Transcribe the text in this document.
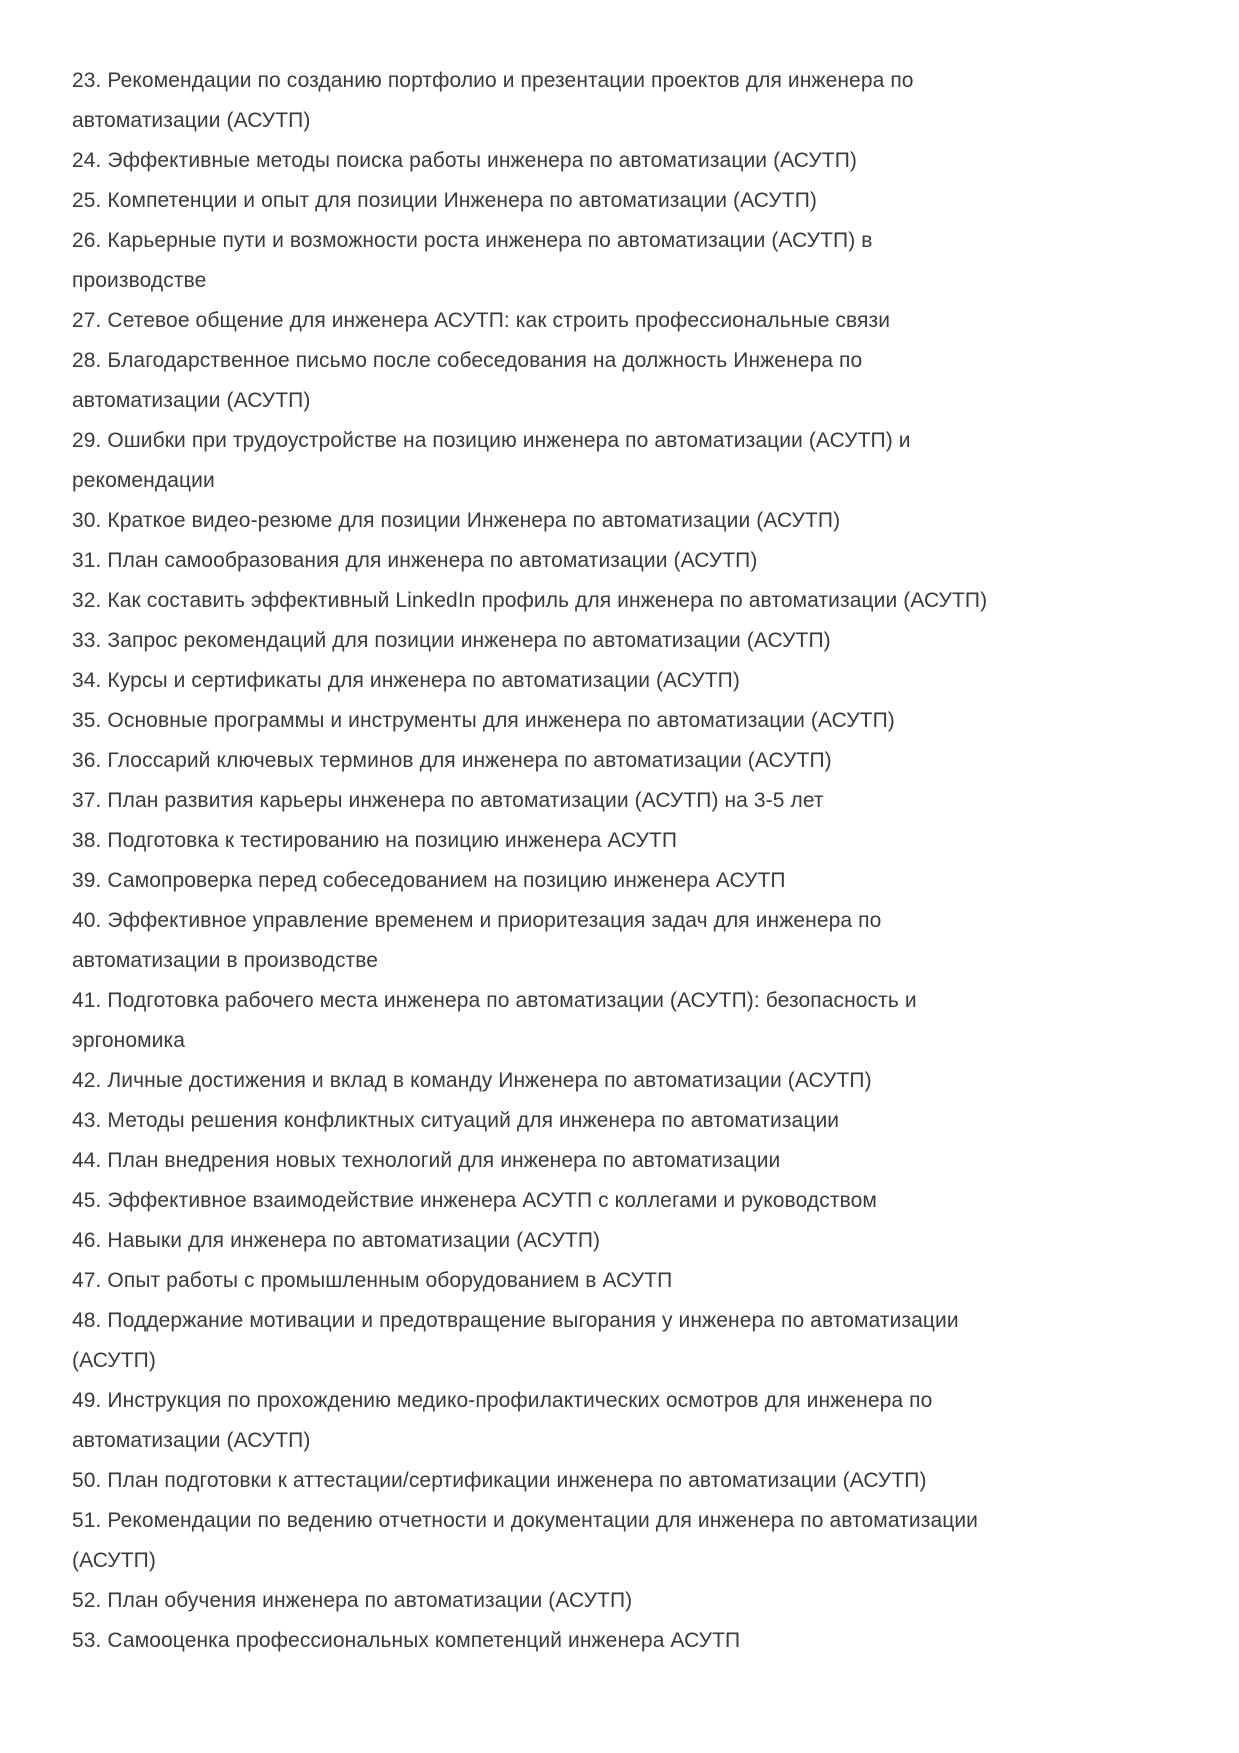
23. Рекомендации по созданию портфолио и презентации проектов для инженера по
автоматизации (АСУТП)

24. Эффективные методы поиска работы инженера по автоматизации (АСУТП)

25. Компетенции и опыт для позиции Инженера по автоматизации (АСУТП)

26. Карьерные пути и возможности роста инженера по автоматизации (АСУТП) в
производстве

27. Сетевое общение для инженера АСУТП: как строить профессиональные связи

28. Благодарственное письмо после собеседования на должность Инженера по
автоматизации (АСУТП)

29. Ошибки при трудоустройстве на позицию инженера по автоматизации (АСУТП) и
рекомендации

30. Краткое видео-резюме для позиции Инженера по автоматизации (АСУТП)

31. План самообразования для инженера по автоматизации (АСУТП)

32. Как составить эффективный LinkedIn профиль для инженера по автоматизации (АСУТП)

33. Запрос рекомендаций для позиции инженера по автоматизации (АСУТП)

34. Курсы и сертификаты для инженера по автоматизации (АСУТП)

35. Основные программы и инструменты для инженера по автоматизации (АСУТП)

36. Глоссарий ключевых терминов для инженера по автоматизации (АСУТП)

37. План развития карьеры инженера по автоматизации (АСУТП) на 3-5 лет

38. Подготовка к тестированию на позицию инженера АСУТП

39. Самопроверка перед собеседованием на позицию инженера АСУТП

40. Эффективное управление временем и приоритезация задач для инженера по
автоматизации в производстве

41. Подготовка рабочего места инженера по автоматизации (АСУТП): безопасность и
эргономика

42. Личные достижения и вклад в команду Инженера по автоматизации (АСУТП)

43. Методы решения конфликтных ситуаций для инженера по автоматизации

44. План внедрения новых технологий для инженера по автоматизации

45. Эффективное взаимодействие инженера АСУТП с коллегами и руководством

46. Навыки для инженера по автоматизации (АСУТП)

47. Опыт работы с промышленным оборудованием в АСУТП

48. Поддержание мотивации и предотвращение выгорания у инженера по автоматизации
(АСУТП)

49. Инструкция по прохождению медико-профилактических осмотров для инженера по
автоматизации (АСУТП)

50. План подготовки к аттестации/сертификации инженера по автоматизации (АСУТП)

51. Рекомендации по ведению отчетности и документации для инженера по автоматизации
(АСУТП)

52. План обучения инженера по автоматизации (АСУТП)

53. Самооценка профессиональных компетенций инженера АСУТП
